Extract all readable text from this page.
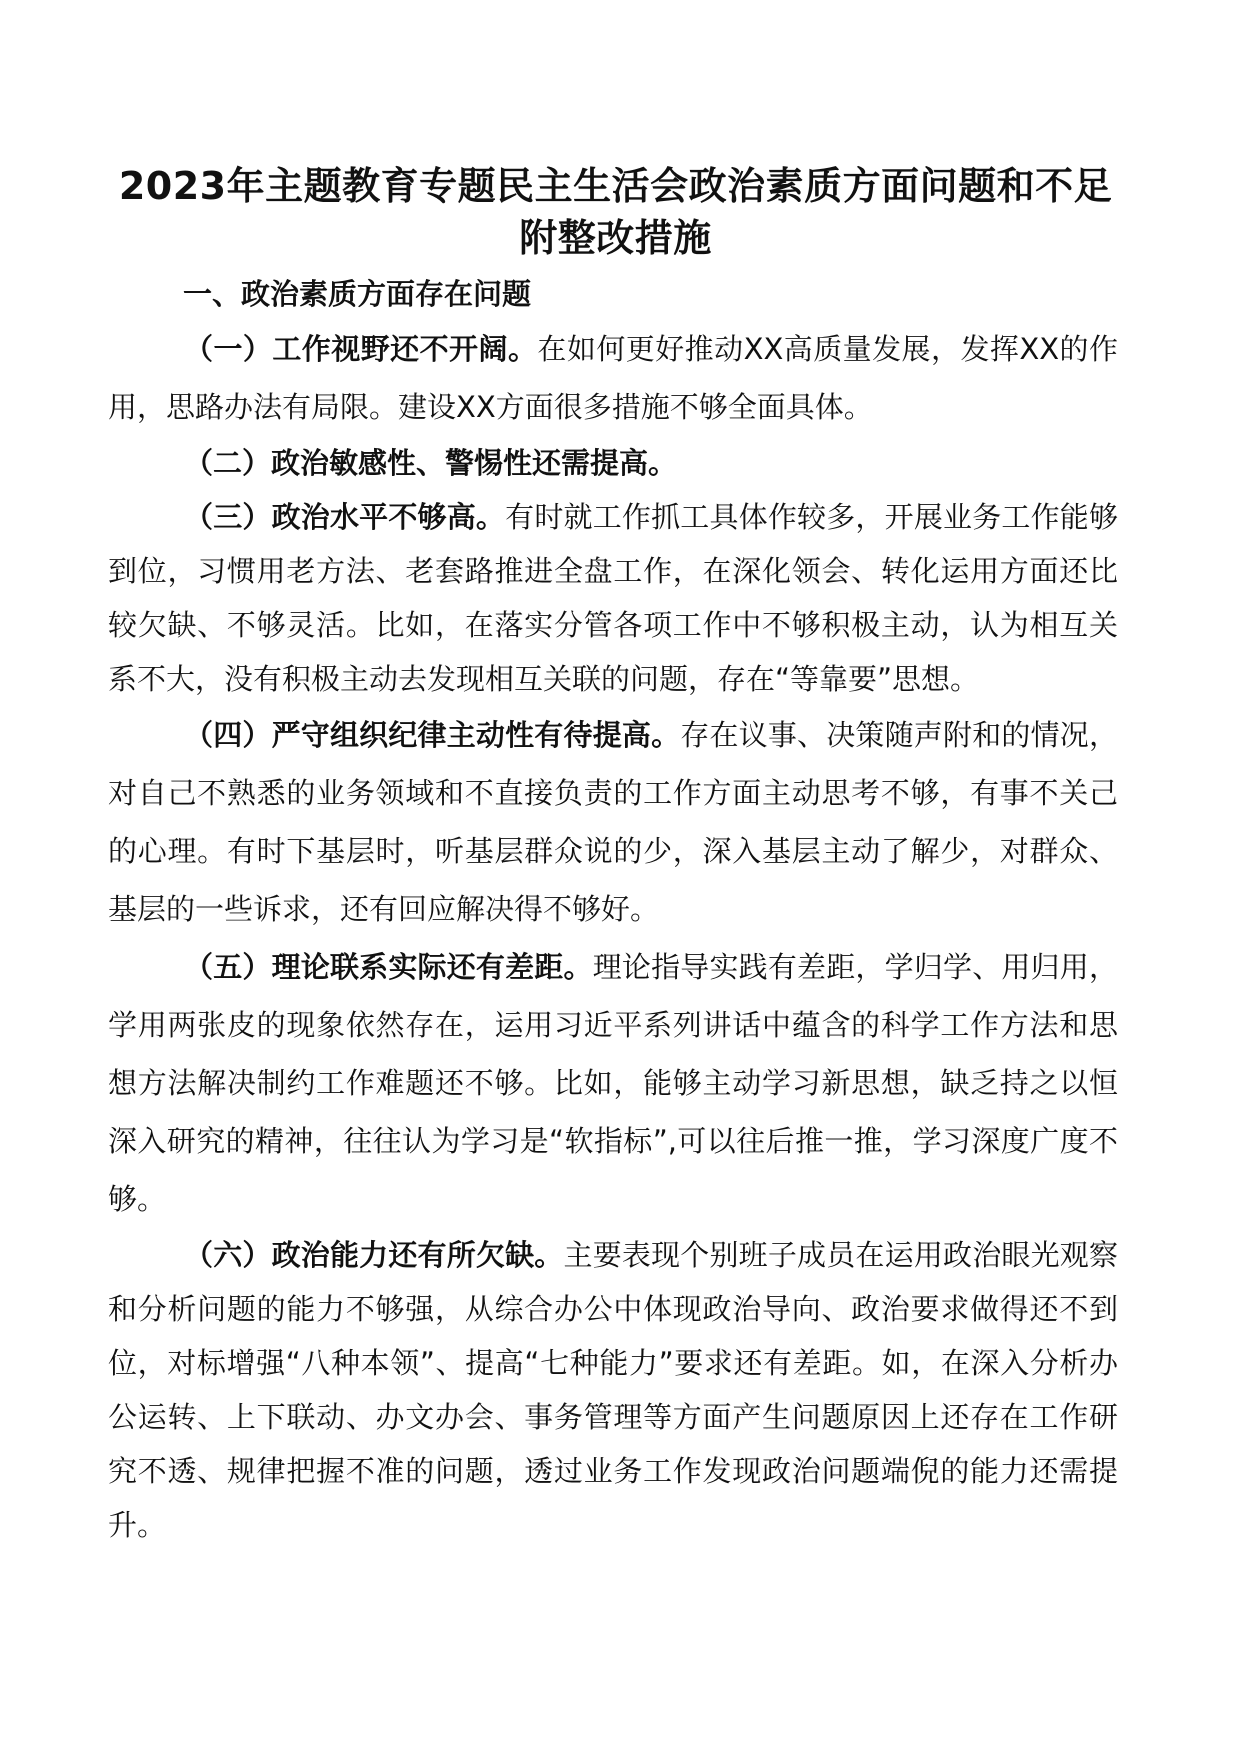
2023年主题教育专题民主生活会政治素质方面问题和不足附整改措施

一、政治素质方面存在问题

（一）工作视野还不开阔。在如何更好推动XX高质量发展，发挥XX的作用，思路办法有局限。建设XX方面很多措施不够全面具体。

（二）政治敏感性、警惕性还需提高。

（三）政治水平不够高。有时就工作抓工具体作较多，开展业务工作能够到位，习惯用老方法、老套路推进全盘工作，在深化领会、转化运用方面还比较欠缺、不够灵活。比如，在落实分管各项工作中不够积极主动，认为相互关系不大，没有积极主动去发现相互关联的问题，存在“等靠要”思想。

（四）严守组织纪律主动性有待提高。存在议事、决策随声附和的情况，对自己不熟悉的业务领域和不直接负责的工作方面主动思考不够，有事不关己的心理。有时下基层时，听基层群众说的少，深入基层主动了解少，对群众、基层的一些诉求，还有回应解决得不够好。

（五）理论联系实际还有差距。理论指导实践有差距，学归学、用归用，学用两张皮的现象依然存在，运用习近平系列讲话中蕴含的科学工作方法和思想方法解决制约工作难题还不够。比如，能够主动学习新思想，缺乏持之以恒深入研究的精神，往往认为学习是“软指标”,可以往后推一推，学习深度广度不够。

（六）政治能力还有所欠缺。主要表现个别班子成员在运用政治眼光观察和分析问题的能力不够强，从综合办公中体现政治导向、政治要求做得还不到位，对标增强“八种本领”、提高“七种能力”要求还有差距。如，在深入分析办公运转、上下联动、办文办会、事务管理等方面产生问题原因上还存在工作研究不透、规律把握不准的问题，透过业务工作发现政治问题端倪的能力还需提升。
